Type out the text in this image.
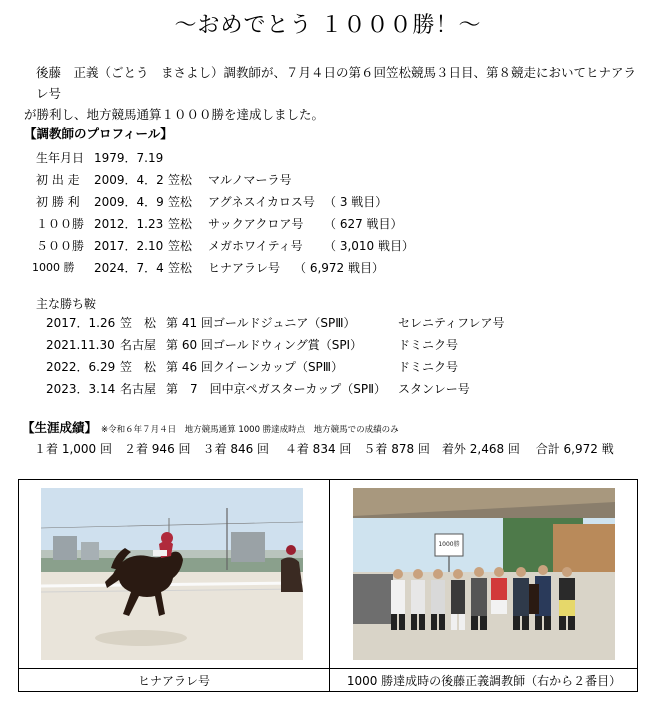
～おめでとう １０００勝！～
後藤　正義（ごとう　まさよし）調教師が、７月４日の第６回笠松競馬３日目、第８競走においてヒナアラレ号
が勝利し、地方競馬通算１０００勝を達成しました。
【調教師のプロフィール】
生年月日 1979．7.19
初 出 走 2009．4．2 笠松 マルノマーラ号
初 勝 利 2009．4．9 笠松 アグネスイカロス号 （ 3 戦目）
１００勝 2012．1.23 笠松 サックアクロア号 （ 627 戦目）
５００勝 2017．2.10 笠松 メガホワイティ号 （ 3,010 戦目）
1000 勝 2024．7．4 笠松 ヒナアラレ号 （ 6,972 戦目）
主な勝ち鞍
2017．1.26 笠　松 第 41 回ゴールドジュニア（SPⅢ）	セレニティフレア号
2021.11.30 名古屋 第 60 回ゴールドウィング賞（SPⅠ）	ドミニク号
2022．6.29 笠　松 第 46 回クイーンカップ（SPⅢ）	ドミニク号
2023．3.14 名古屋 第　7　回中京ペガスターカップ（SPⅡ） スタンレー号
【生涯成績】 ※令和６年７月４日　地方競馬通算 1000 勝達成時点　地方競馬での成績のみ
１着 1,000 回　２着 946 回　３着 846 回　 ４着 834 回　５着 878 回　着外 2,468 回　 合計 6,972 戦
1000勝
ヒナアラレ号	1000 勝達成時の後藤正義調教師（右から２番目）
